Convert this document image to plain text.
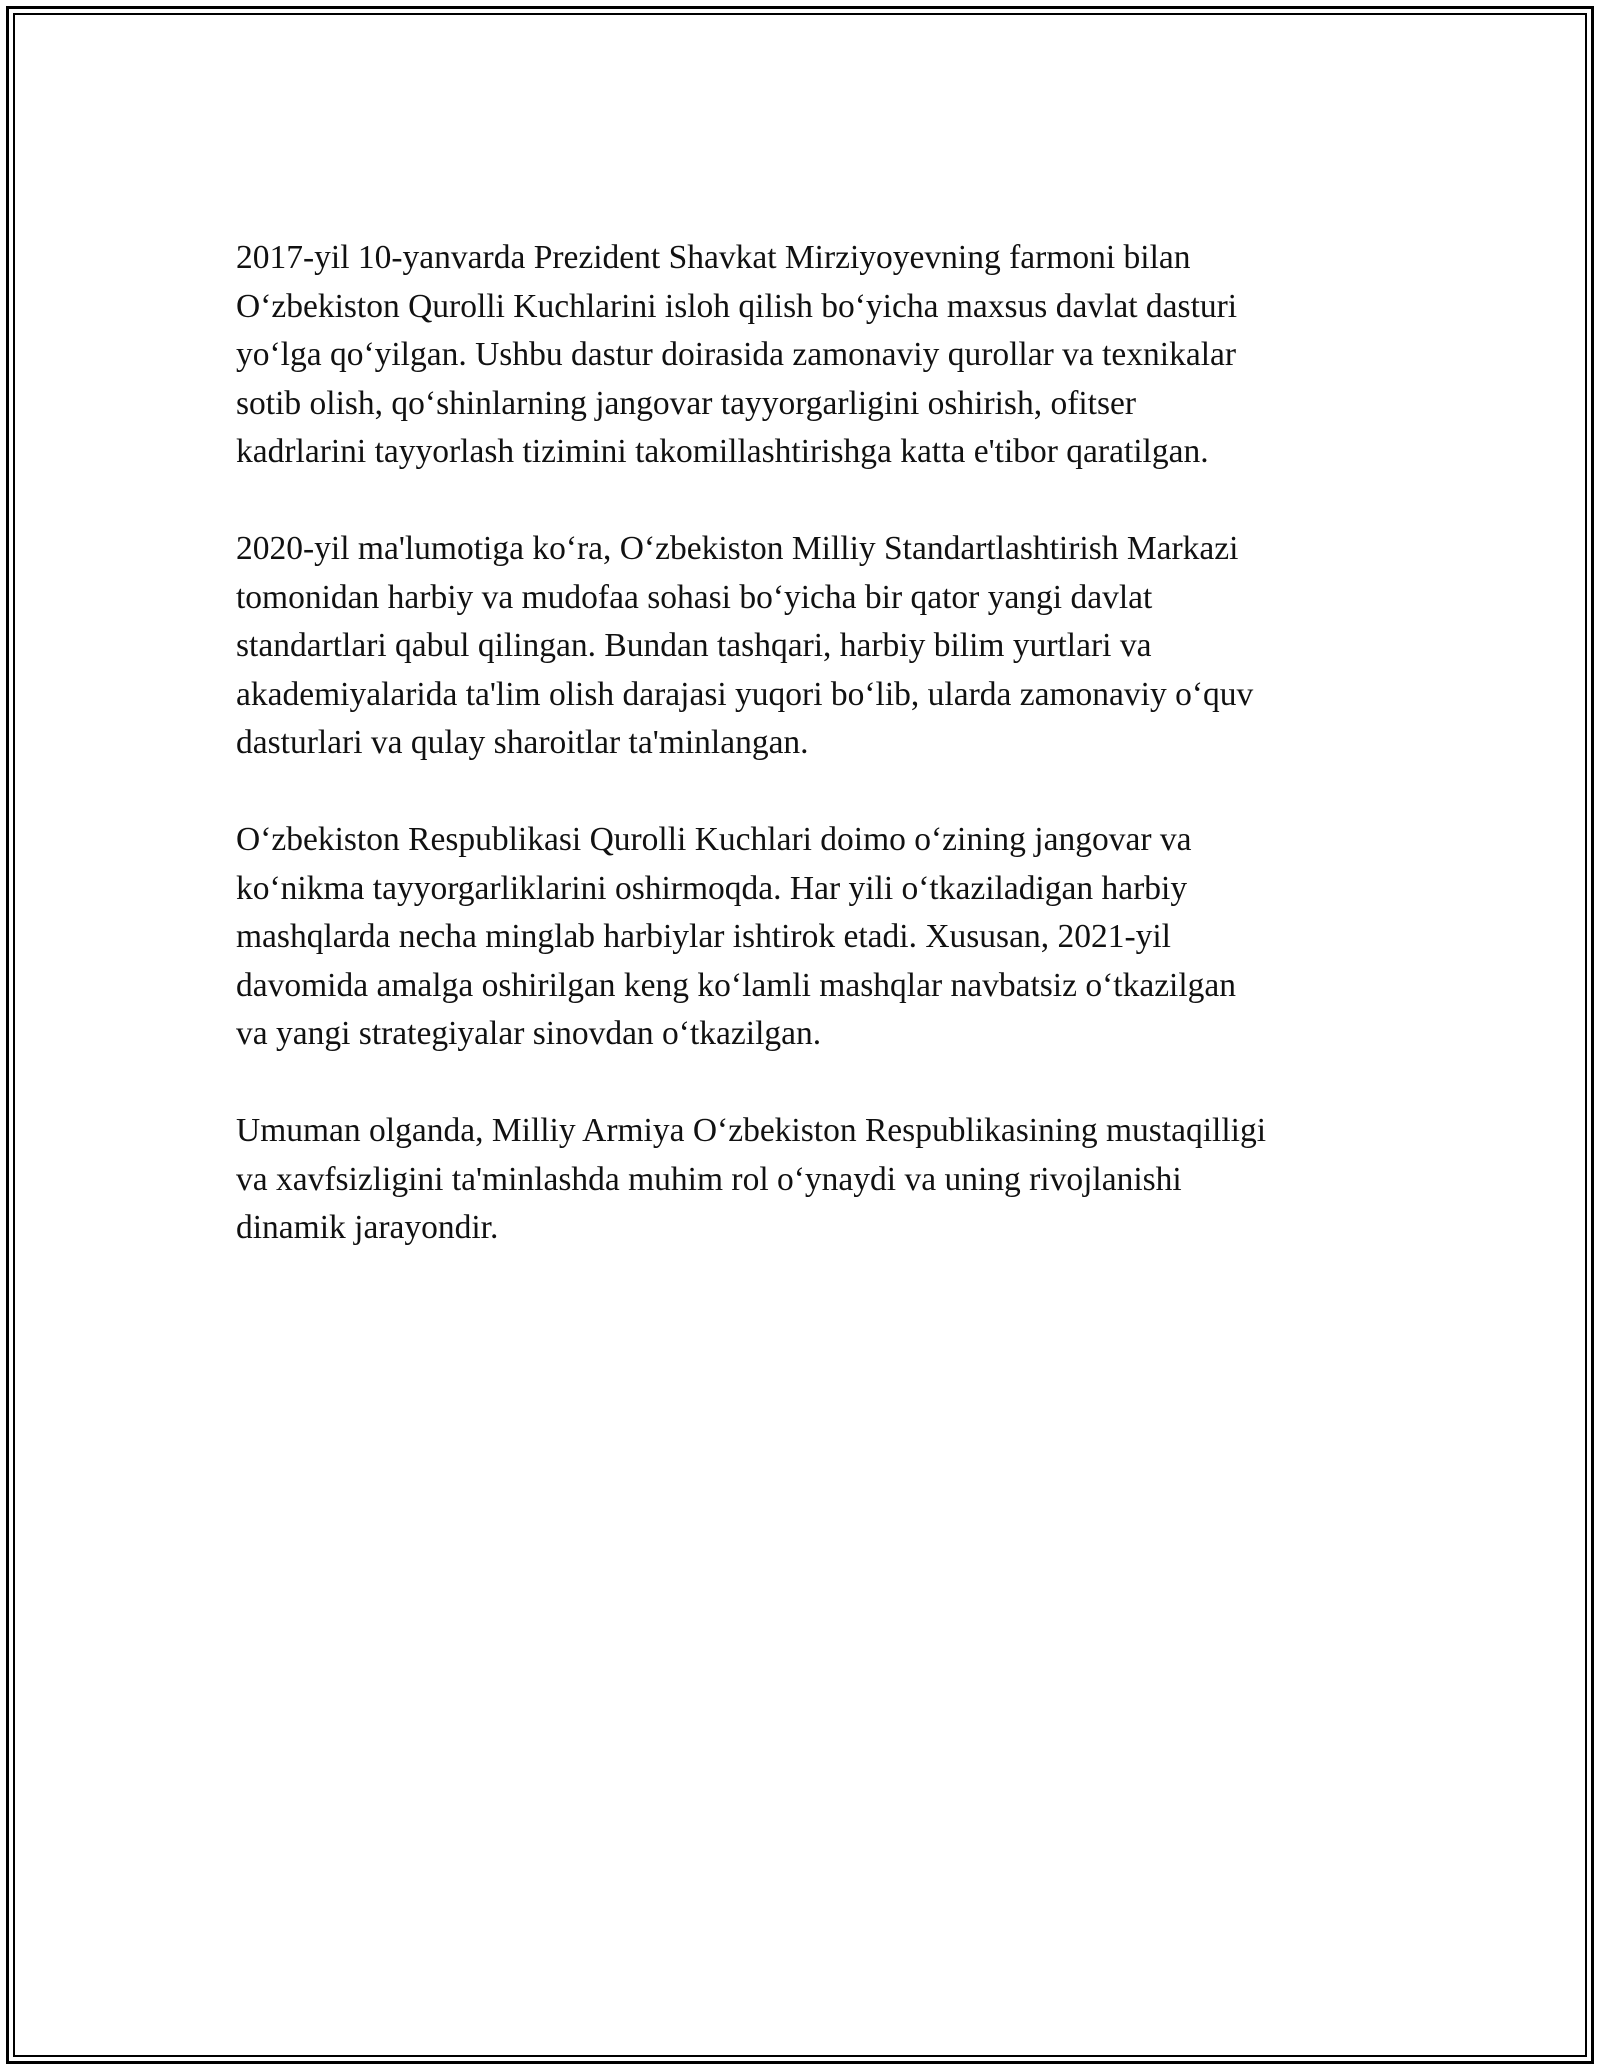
2017-yil 10-yanvarda Prezident Shavkat Mirziyoyevning farmoni bilan
O‘zbekiston Qurolli Kuchlarini isloh qilish bo‘yicha maxsus davlat dasturi
yo‘lga qo‘yilgan. Ushbu dastur doirasida zamonaviy qurollar va texnikalar
sotib olish, qo‘shinlarning jangovar tayyorgarligini oshirish, ofitser
kadrlarini tayyorlash tizimini takomillashtirishga katta e'tibor qaratilgan.

2020-yil ma'lumotiga ko‘ra, O‘zbekiston Milliy Standartlashtirish Markazi
tomonidan harbiy va mudofaa sohasi bo‘yicha bir qator yangi davlat
standartlari qabul qilingan. Bundan tashqari, harbiy bilim yurtlari va
akademiyalarida ta'lim olish darajasi yuqori bo‘lib, ularda zamonaviy o‘quv
dasturlari va qulay sharoitlar ta'minlangan.

O‘zbekiston Respublikasi Qurolli Kuchlari doimo o‘zining jangovar va
ko‘nikma tayyorgarliklarini oshirmoqda. Har yili o‘tkaziladigan harbiy
mashqlarda necha minglab harbiylar ishtirok etadi. Xususan, 2021-yil
davomida amalga oshirilgan keng ko‘lamli mashqlar navbatsiz o‘tkazilgan
va yangi strategiyalar sinovdan o‘tkazilgan.

Umuman olganda, Milliy Armiya O‘zbekiston Respublikasining mustaqilligi
va xavfsizligini ta'minlashda muhim rol o‘ynaydi va uning rivojlanishi
dinamik jarayondir.
